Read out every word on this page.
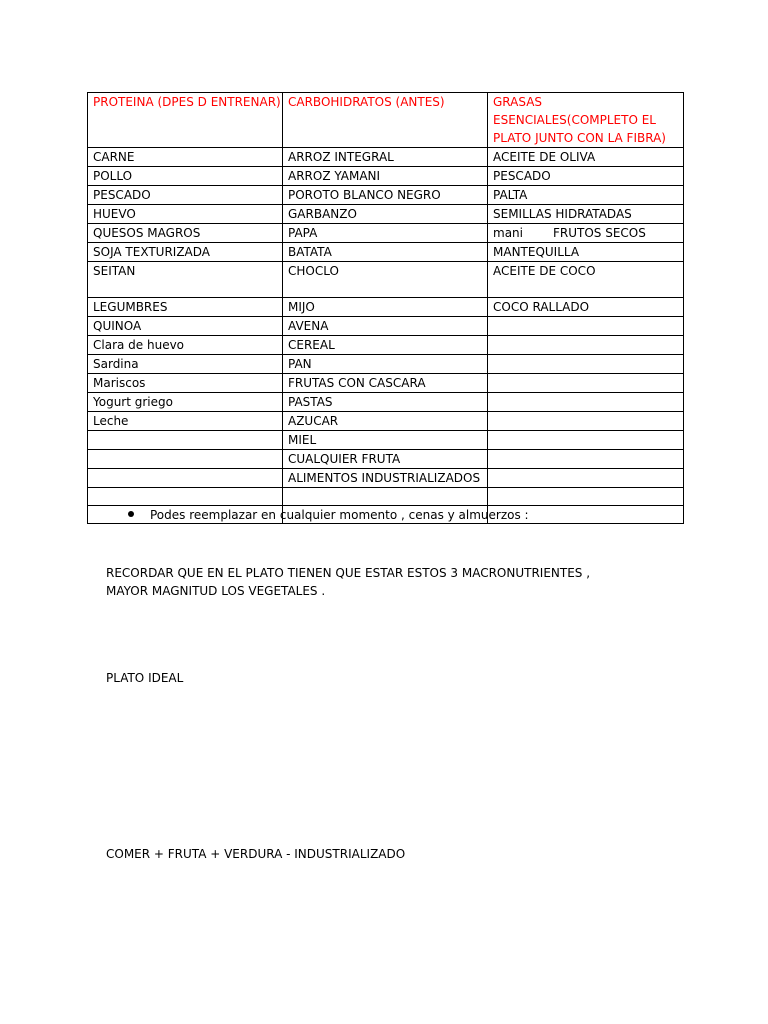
PROTEINA (DPES D ENTRENAR)	CARBOHIDRATOS (ANTES)	GRASAS ESENCIALES(COMPLETO EL PLATO JUNTO CON LA FIBRA)
CARNE	ARROZ INTEGRAL	ACEITE DE OLIVA
POLLO	ARROZ YAMANI	PESCADO
PESCADO	POROTO BLANCO NEGRO	PALTA
HUEVO	GARBANZO	SEMILLAS HIDRATADAS
QUESOS MAGROS	PAPA	mani FRUTOS SECOS
SOJA TEXTURIZADA	BATATA	MANTEQUILLA
SEITAN	CHOCLO	ACEITE DE COCO
LEGUMBRES	MIJO	COCO RALLADO
QUINOA	AVENA	
Clara de huevo	CEREAL	
Sardina	PAN	
Mariscos	FRUTAS CON CASCARA	
Yogurt griego	PASTAS	
Leche	AZUCAR	
	MIEL	
	CUALQUIER FRUTA	
	ALIMENTOS INDUSTRIALIZADOS	

Podes reemplazar en cualquier momento , cenas y almuerzos :

RECORDAR QUE EN EL PLATO TIENEN QUE ESTAR ESTOS 3 MACRONUTRIENTES , MAYOR MAGNITUD LOS VEGETALES .

PLATO IDEAL

COMER + FRUTA + VERDURA - INDUSTRIALIZADO
